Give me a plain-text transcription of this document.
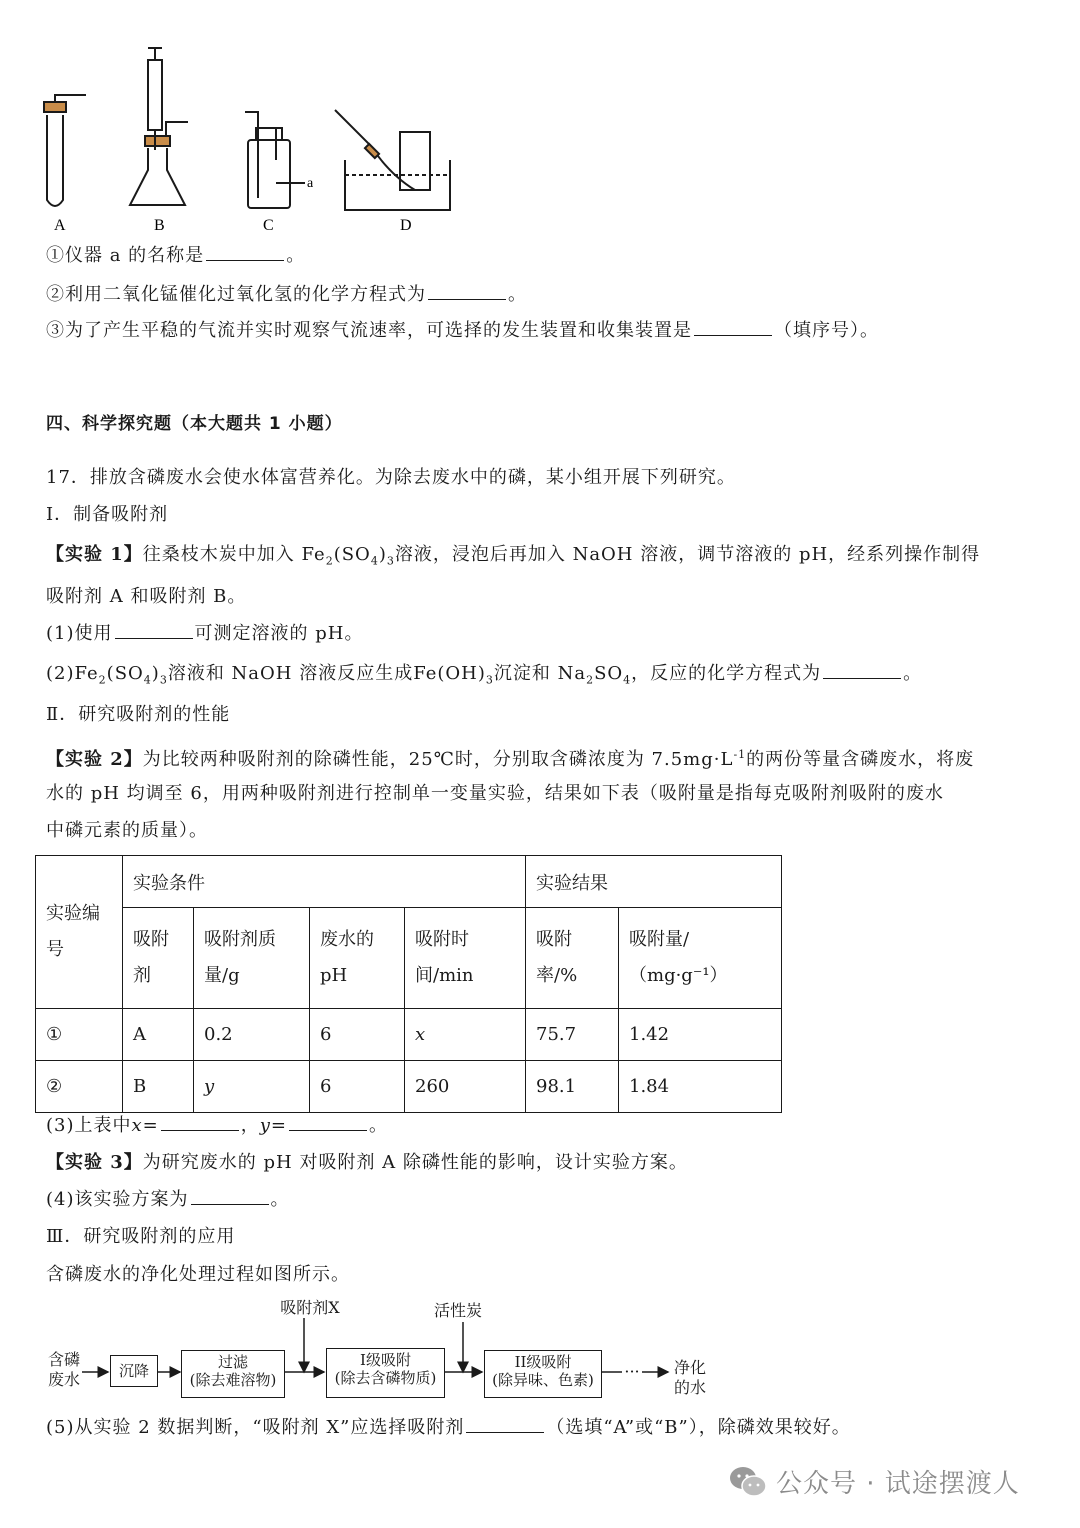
A	B	C	D
a
①仪器 a 的名称是	。
②利用二氧化锰催化过氧化氢的化学方程式为	。
③为了产生平稳的气流并实时观察气流速率，可选择的发生装置和收集装置是	（填序号）。
四、科学探究题（本大题共 1 小题）
17．排放含磷废水会使水体富营养化。为除去废水中的磷，某小组开展下列研究。
Ⅰ．制备吸附剂
【实验 1】往桑枝木炭中加入 $Fe_2(SO_4)_3$溶液，浸泡后再加入 NaOH 溶液，调节溶液的 pH，经系列操作制得
吸附剂 A 和吸附剂 B。
(1)使用	可测定溶液的 pH。
$(2)Fe_2(SO_4)_3$溶液和 NaOH 溶液反应生成$Fe(OH)_3$沉淀和 $Na_2SO_4$，反应的化学方程式为	。
Ⅱ．研究吸附剂的性能
【实验 2】为比较两种吸附剂的除磷性能，25℃时，分别取含磷浓度为 $7.5mg\cdot L^{-1}$的两份等量含磷废水，将废
水的 pH 均调至 6，用两种吸附剂进行控制单一变量实验，结果如下表（吸附量是指每克吸附剂吸附的废水
中磷元素的质量）。
实验编号	实验条件				实验结果	
	吸附剂	吸附剂质量/g	废水的pH	吸附时间/min	吸附率/%	吸附量/（mg·g⁻¹）
①	A	0.2	6	x	75.7	1.42
②	B	y	6	260	98.1	1.84
(3)上表中x=	，y=	。
【实验 3】为研究废水的 pH 对吸附剂 A 除磷性能的影响，设计实验方案。
(4)该实验方案为	。
Ⅲ．研究吸附剂的应用
含磷废水的净化处理过程如图所示。
含磷
废水	沉降	过滤
(除去难溶物)
I级吸附
(除去含磷物质)
II级吸附
(除异味、色素)	··· 净化
的水
吸附剂X	活性炭
(5)从实验 2 数据判断，“吸附剂 X”应选择吸附剂	（选填“A”或“B”），除磷效果较好。
公众号 · 试途摆渡人
